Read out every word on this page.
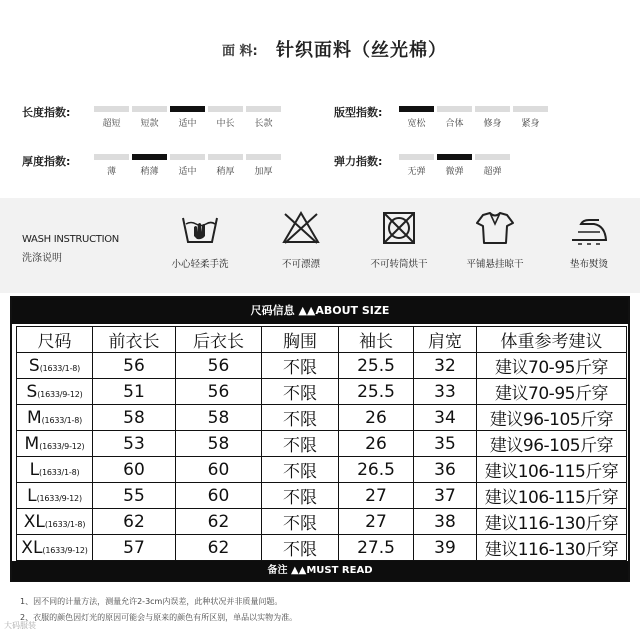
面 料: 针织面料（丝光棉）
长度指数:
超短	短款	适中	中长	长款
厚度指数:
薄	稍薄	适中	稍厚	加厚
版型指数:
宽松	合体	修身	紧身
弹力指数:
无弹	微弹	超弹
WASH INSTRUCTION
洗涤说明
小心轻柔手洗	不可漂漂	不可转筒烘干	平铺悬挂晾干	垫布熨烫
尺码信息 ▲▲ABOUT SIZE
尺码	前衣长	后衣长	胸围	袖长	肩宽	体重参考建议
S(1633/1-8)	56	56	不限	25.5	32	建议70-95斤穿
S(1633/9-12)	51	56	不限	25.5	33	建议70-95斤穿
M(1633/1-8)	58	58	不限	26	34	建议96-105斤穿
M(1633/9-12)	53	58	不限	26	35	建议96-105斤穿
L(1633/1-8)	60	60	不限	26.5	36	建议106-115斤穿
L(1633/9-12)	55	60	不限	27	37	建议106-115斤穿
XL(1633/1-8)	62	62	不限	27	38	建议116-130斤穿
XL(1633/9-12)	57	62	不限	27.5	39	建议116-130斤穿
备注 ▲▲MUST READ
1、因不同的计量方法，测量允许2-3cm内误差，此种状况并非质量问题。
2、衣服的颜色因灯光的原因可能会与原来的颜色有所区别，单品以实物为准。
大码服装
